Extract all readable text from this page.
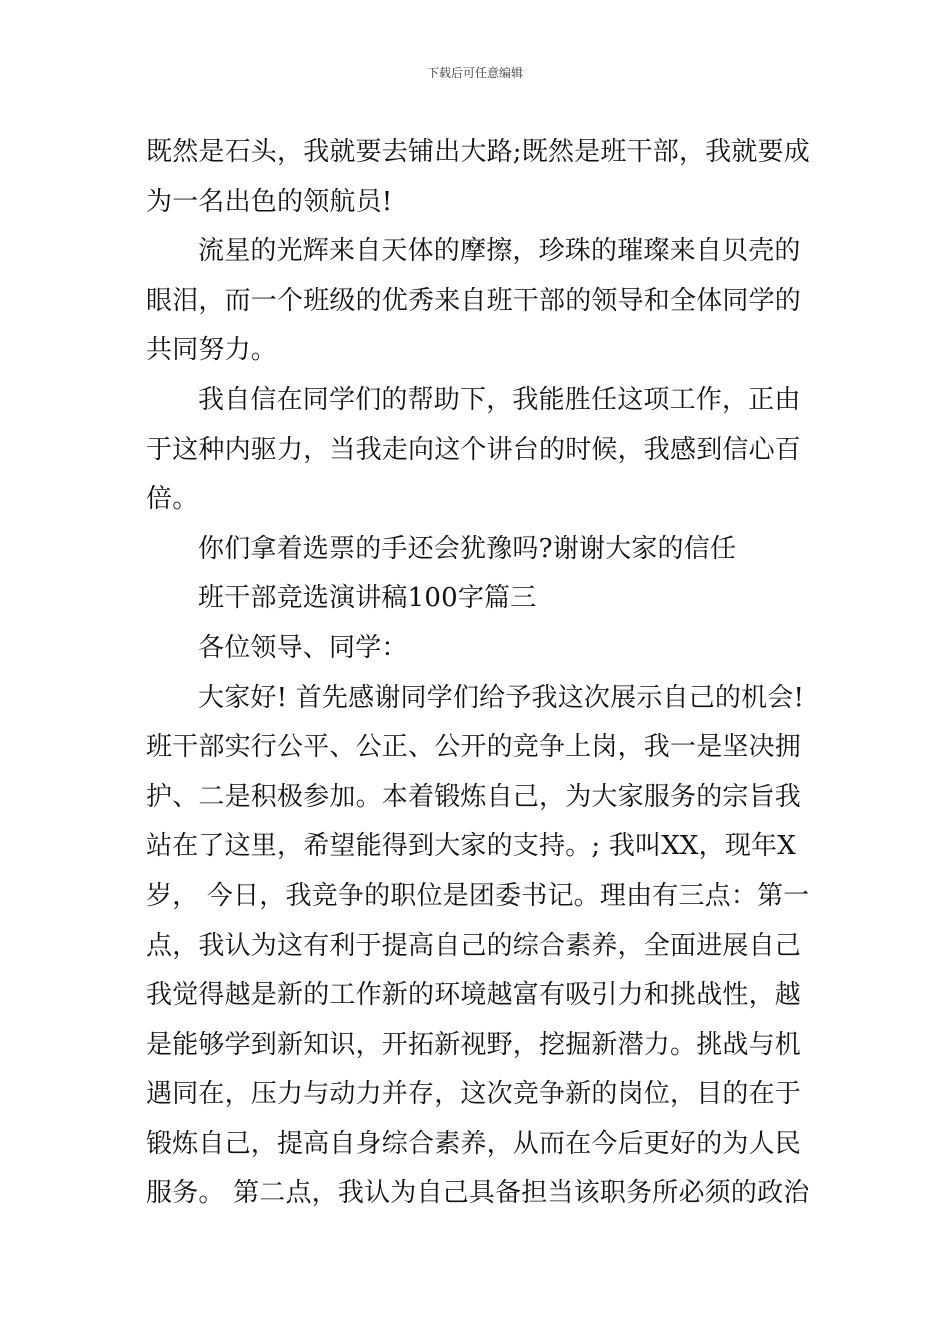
下载后可任意编辑
既然是石头，我就要去铺出大路;既然是班干部，我就要成
为一名出色的领航员!
流星的光辉来自天体的摩擦，珍珠的璀璨来自贝壳的
眼泪，而一个班级的优秀来自班干部的领导和全体同学的
共同努力。
我自信在同学们的帮助下，我能胜任这项工作，正由
于这种内驱力，当我走向这个讲台的时候，我感到信心百
倍。
你们拿着选票的手还会犹豫吗?谢谢大家的信任
班干部竞选演讲稿100字篇三
各位领导、同学：
大家好! 首先感谢同学们给予我这次展示自己的机会!
班干部实行公平、公正、公开的竞争上岗，我一是坚决拥
护、二是积极参加。本着锻炼自己，为大家服务的宗旨我
站在了这里，希望能得到大家的支持。; 我叫XX，现年X
岁， 今日，我竞争的职位是团委书记。理由有三点：第一
点，我认为这有利于提高自己的综合素养，全面进展自己
我觉得越是新的工作新的环境越富有吸引力和挑战性，越
是能够学到新知识，开拓新视野，挖掘新潜力。挑战与机
遇同在，压力与动力并存，这次竞争新的岗位，目的在于
锻炼自己，提高自身综合素养，从而在今后更好的为人民
服务。 第二点，我认为自己具备担当该职务所必须的政治
